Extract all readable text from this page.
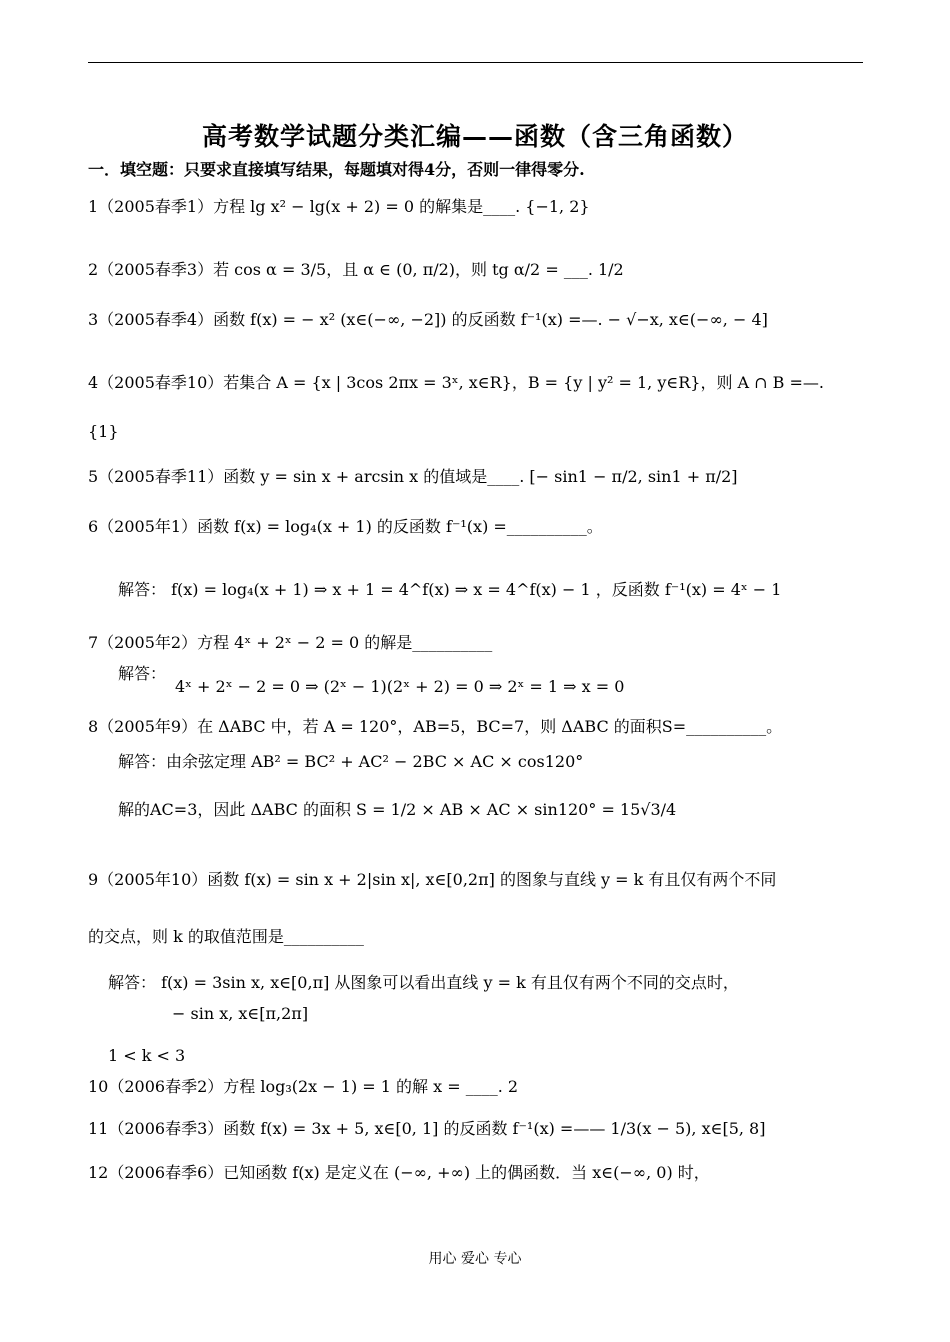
高考数学试题分类汇编——函数（含三角函数）
一．填空题：只要求直接填写结果，每题填对得4分，否则一律得零分.
1（2005春季1）方程 lg x² − lg(x + 2) = 0 的解集是____. {−1, 2}
2（2005春季3）若 cos α = 3/5，且 α ∈ (0, π/2)，则 tg α/2 = ___. 1/2
3（2005春季4）函数 f(x) = − x² (x∈(−∞, −2]) 的反函数 f⁻¹(x) =—. − √−x, x∈(−∞, − 4]
4（2005春季10）若集合 A = {x | 3cos 2πx = 3ˣ, x∈R}，B = {y | y² = 1, y∈R}，则 A ∩ B =—.
{1}
5（2005春季11）函数 y = sin x + arcsin x 的值域是____. [− sin1 − π/2, sin1 + π/2]
6（2005年1）函数 f(x) = log₄(x + 1) 的反函数 f⁻¹(x) =__________。
解答： f(x) = log₄(x + 1) ⇒ x + 1 = 4^f(x) ⇒ x = 4^f(x) − 1 ，反函数 f⁻¹(x) = 4ˣ − 1
7（2005年2）方程 4ˣ + 2ˣ − 2 = 0 的解是__________
解答：
4ˣ + 2ˣ − 2 = 0 ⇒ (2ˣ − 1)(2ˣ + 2) = 0 ⇒ 2ˣ = 1 ⇒ x = 0
8（2005年9）在 ΔABC 中，若 A = 120°，AB=5，BC=7，则 ΔABC 的面积S=__________。
解答：由余弦定理 AB² = BC² + AC² − 2BC × AC × cos120°
解的AC=3，因此 ΔABC 的面积 S = 1/2 × AB × AC × sin120° = 15√3/4
9（2005年10）函数 f(x) = sin x + 2|sin x|, x∈[0,2π] 的图象与直线 y = k 有且仅有两个不同
的交点，则 k 的取值范围是__________
解答： f(x) = 3sin x, x∈[0,π] 从图象可以看出直线 y = k 有且仅有两个不同的交点时，
− sin x, x∈[π,2π]
1 < k < 3
10（2006春季2）方程 log₃(2x − 1) = 1 的解 x = ____. 2
11（2006春季3）函数 f(x) = 3x + 5, x∈[0, 1] 的反函数 f⁻¹(x) =—— 1/3(x − 5), x∈[5, 8]
12（2006春季6）已知函数 f(x) 是定义在 (−∞, +∞) 上的偶函数．当 x∈(−∞, 0) 时，
用心 爱心 专心
